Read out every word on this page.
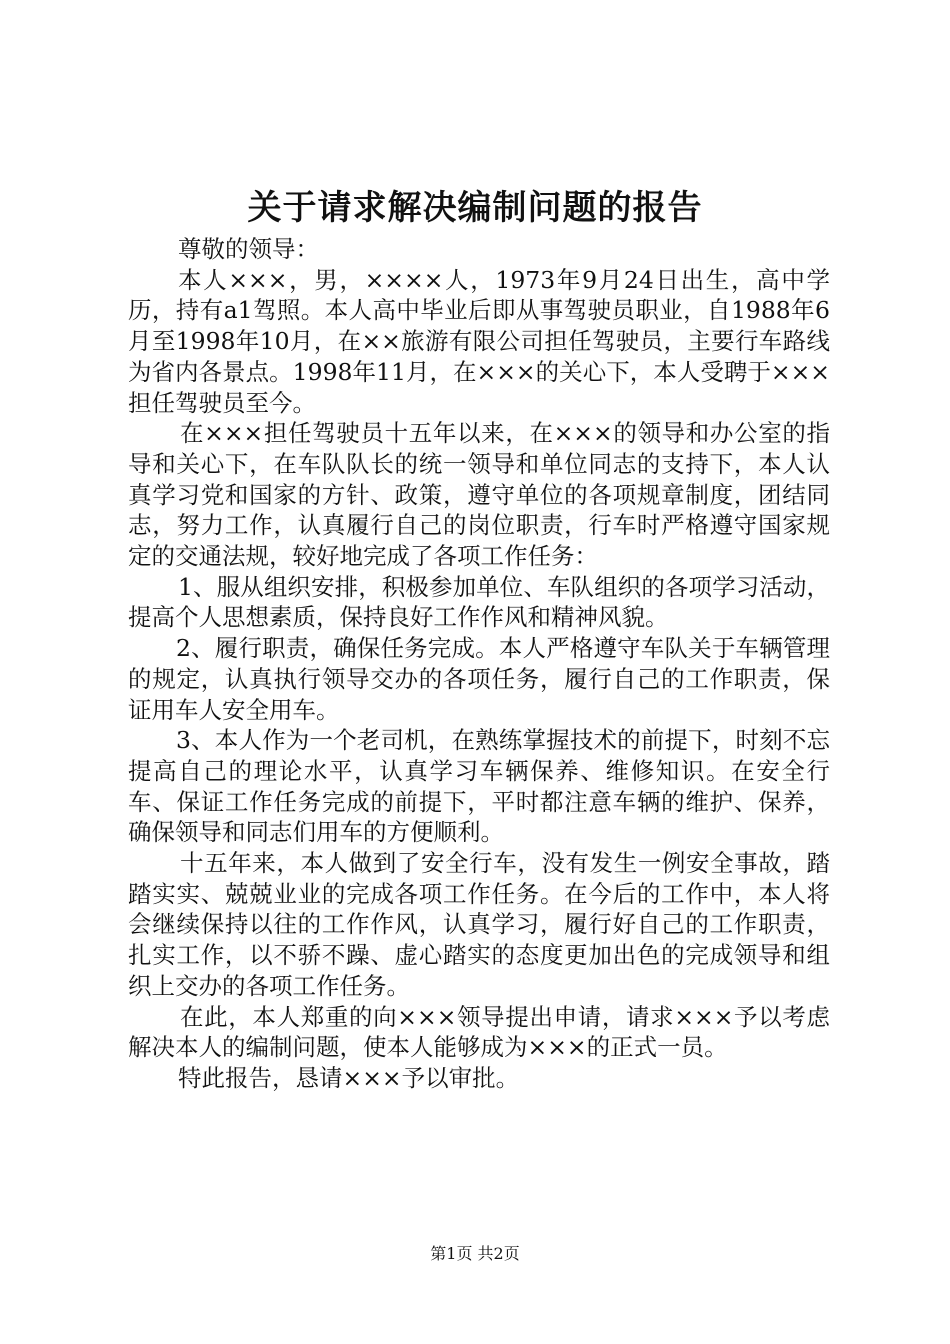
关于请求解决编制问题的报告

尊敬的领导：

本人×××，男，××××人，1973年9月24日出生，高中学历，持有a1驾照。本人高中毕业后即从事驾驶员职业，自1988年6月至1998年10月，在××旅游有限公司担任驾驶员，主要行车路线为省内各景点。1998年11月，在×××的关心下，本人受聘于×××担任驾驶员至今。

在×××担任驾驶员十五年以来，在×××的领导和办公室的指导和关心下，在车队队长的统一领导和单位同志的支持下，本人认真学习党和国家的方针、政策，遵守单位的各项规章制度，团结同志，努力工作，认真履行自己的岗位职责，行车时严格遵守国家规定的交通法规，较好地完成了各项工作任务：

1、服从组织安排，积极参加单位、车队组织的各项学习活动，提高个人思想素质，保持良好工作作风和精神风貌。

2、履行职责，确保任务完成。本人严格遵守车队关于车辆管理的规定，认真执行领导交办的各项任务，履行自己的工作职责，保证用车人安全用车。

3、本人作为一个老司机，在熟练掌握技术的前提下，时刻不忘提高自己的理论水平，认真学习车辆保养、维修知识。在安全行车、保证工作任务完成的前提下，平时都注意车辆的维护、保养，确保领导和同志们用车的方便顺利。

十五年来，本人做到了安全行车，没有发生一例安全事故，踏踏实实、兢兢业业的完成各项工作任务。在今后的工作中，本人将会继续保持以往的工作作风，认真学习，履行好自己的工作职责，扎实工作，以不骄不躁、虚心踏实的态度更加出色的完成领导和组织上交办的各项工作任务。

在此，本人郑重的向×××领导提出申请，请求×××予以考虑解决本人的编制问题，使本人能够成为×××的正式一员。

特此报告，恳请×××予以审批。

第1页 共2页
